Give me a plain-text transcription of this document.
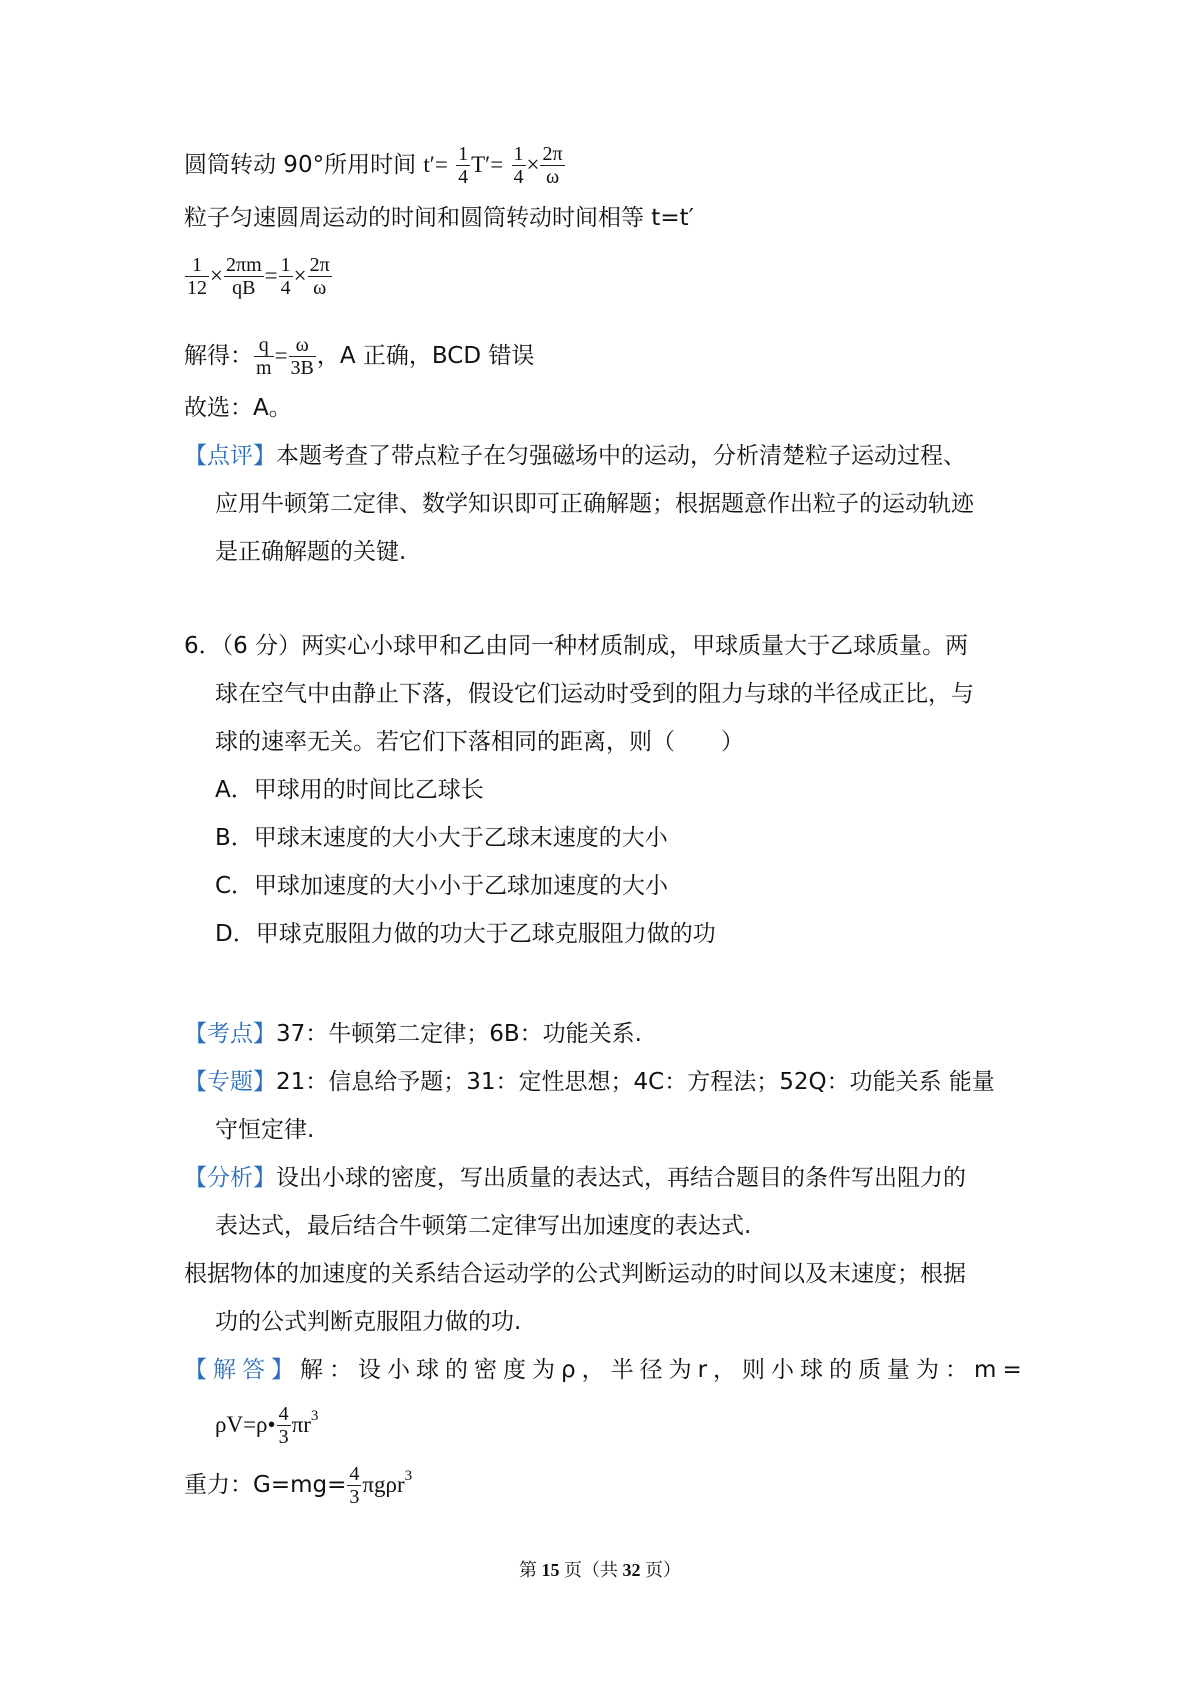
圆筒转动 90°所用时间 $t'= \frac{1}{4} T'= \frac{1}{4} \times \frac{2\pi}{\omega}$
粒子匀速圆周运动的时间和圆筒转动时间相等 t=t′
$\frac{1}{12} \times \frac{2\pi m}{qB} = \frac{1}{4} \times \frac{2\pi}{\omega}$
解得： $\frac{q}{m} = \frac{\omega}{3B}$ ，A 正确，BCD 错误
故选：A。
【点评】本题考查了带点粒子在匀强磁场中的运动，分析清楚粒子运动过程、
应用牛顿第二定律、数学知识即可正确解题；根据题意作出粒子的运动轨迹
是正确解题的关键.
6．（6 分）两实心小球甲和乙由同一种材质制成，甲球质量大于乙球质量。两
球在空气中由静止下落，假设它们运动时受到的阻力与球的半径成正比，与
球的速率无关。若它们下落相同的距离，则（　　）
A．甲球用的时间比乙球长
B．甲球末速度的大小大于乙球末速度的大小
C．甲球加速度的大小小于乙球加速度的大小
D．甲球克服阻力做的功大于乙球克服阻力做的功
【考点】37：牛顿第二定律；6B：功能关系.
【专题】21：信息给予题；31：定性思想；4C：方程法；52Q：功能关系 能量
守恒定律.
【分析】设出小球的密度，写出质量的表达式，再结合题目的条件写出阻力的
表达式，最后结合牛顿第二定律写出加速度的表达式.
根据物体的加速度的关系结合运动学的公式判断运动的时间以及末速度；根据
功的公式判断克服阻力做的功.
【解答】解：设小球的密度为ρ，半径为r，则小球的质量为：m=
ρV=ρ• $\frac{4}{3} \pi r^3$
重力：$G=mg= \frac{4}{3} \pi g\rho r^3$
第 15 页（共 32 页）
